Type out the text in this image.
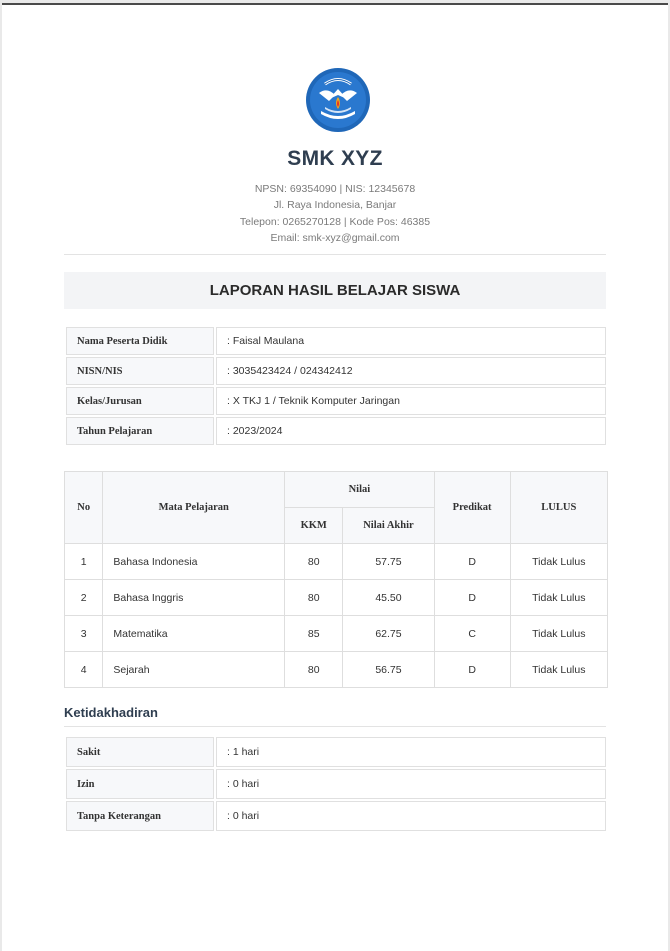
SMK XYZ
NPSN: 69354090 | NIS: 12345678
Jl. Raya Indonesia, Banjar
Telepon: 0265270128 | Kode Pos: 46385
Email: smk-xyz@gmail.com
LAPORAN HASIL BELAJAR SISWA
Nama Peserta Didik	: Faisal Maulana
NISN/NIS	: 3035423424 / 024342412
Kelas/Jurusan	: X TKJ 1 / Teknik Komputer Jaringan
Tahun Pelajaran	: 2023/2024
No	Mata Pelajaran	Nilai		Predikat	LULUS
		KKM	Nilai Akhir		
1	Bahasa Indonesia	80	57.75	D	Tidak Lulus
2	Bahasa Inggris	80	45.50	D	Tidak Lulus
3	Matematika	85	62.75	C	Tidak Lulus
4	Sejarah	80	56.75	D	Tidak Lulus
Ketidakhadiran
Sakit	: 1 hari
Izin	: 0 hari
Tanpa Keterangan	: 0 hari
